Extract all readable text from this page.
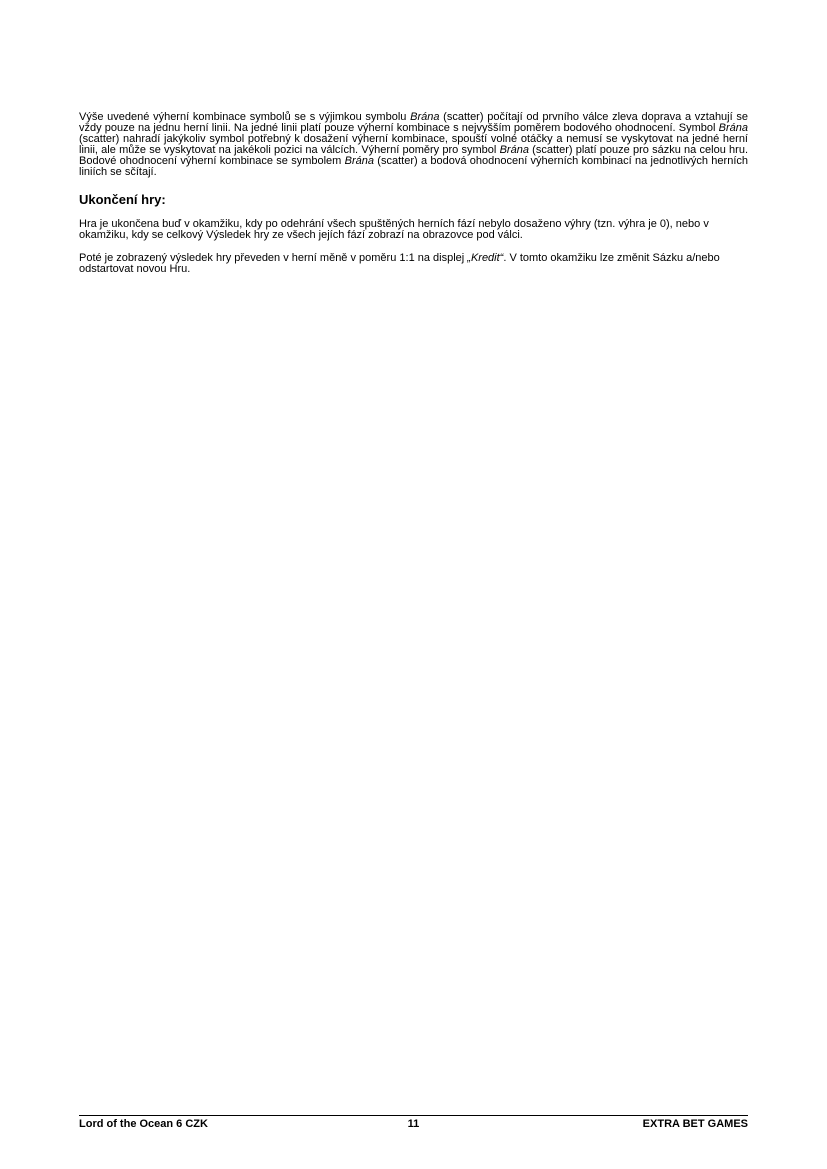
Výše uvedené výherní kombinace symbolů se s výjimkou symbolu Brána (scatter) počítají od prvního válce zleva doprava a vztahují se vždy pouze na jednu herní linii. Na jedné linii platí pouze výherní kombinace s nejvyšším poměrem bodového ohodnocení. Symbol Brána (scatter) nahradí jakýkoliv symbol potřebný k dosažení výherní kombinace, spouští volné otáčky a nemusí se vyskytovat na jedné herní linii, ale může se vyskytovat na jakékoli pozici na válcích. Výherní poměry pro symbol Brána (scatter) platí pouze pro sázku na celou hru. Bodové ohodnocení výherní kombinace se symbolem Brána (scatter) a bodová ohodnocení výherních kombinací na jednotlivých herních liniích se sčítají.

Ukončení hry:

Hra je ukončena buď v okamžiku, kdy po odehrání všech spuštěných herních fází nebylo dosaženo výhry (tzn. výhra je 0), nebo v okamžiku, kdy se celkový Výsledek hry ze všech jejích fází zobrazí na obrazovce pod válci.

Poté je zobrazený výsledek hry převeden v herní měně v poměru 1:1 na displej „Kredit“. V tomto okamžiku lze změnit Sázku a/nebo odstartovat novou Hru.

Lord of the Ocean 6 CZK	11	EXTRA BET GAMES
